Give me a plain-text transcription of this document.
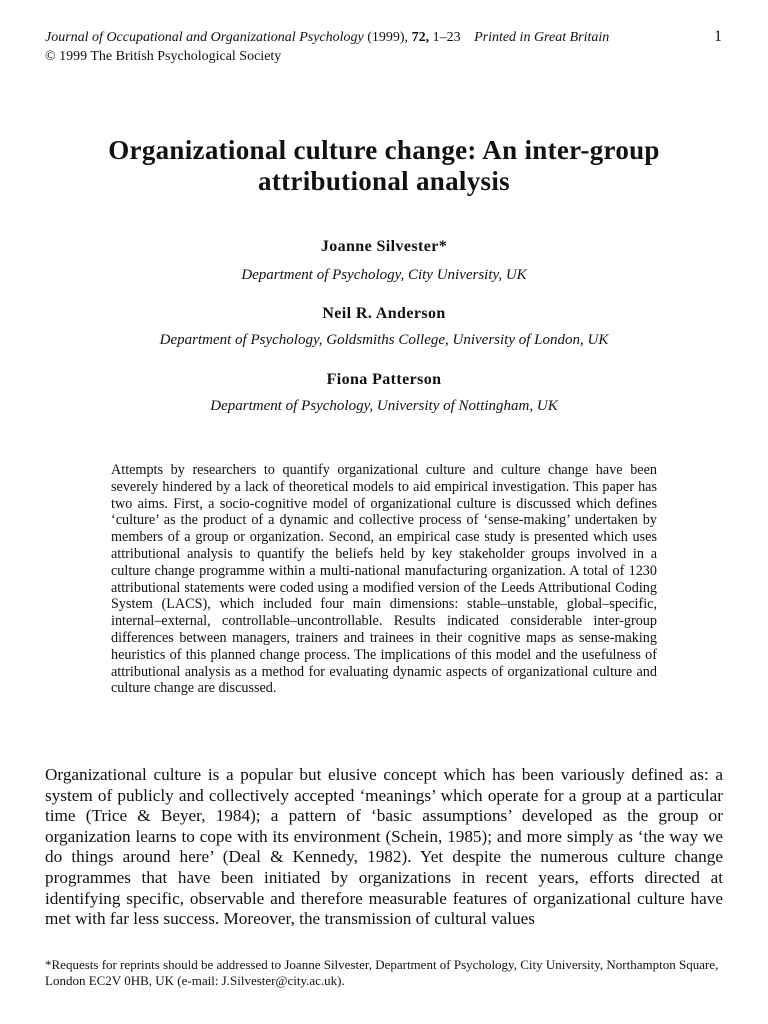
Journal of Occupational and Organizational Psychology (1999), 72, 1–23 Printed in Great Britain
© 1999 The British Psychological Society
1
Organizational culture change: An inter-group attributional analysis
Joanne Silvester*
Department of Psychology, City University, UK
Neil R. Anderson
Department of Psychology, Goldsmiths College, University of London, UK
Fiona Patterson
Department of Psychology, University of Nottingham, UK
Attempts by researchers to quantify organizational culture and culture change have been severely hindered by a lack of theoretical models to aid empirical investigation. This paper has two aims. First, a socio-cognitive model of organizational culture is discussed which defines ‘culture’ as the product of a dynamic and collective process of ‘sense-making’ undertaken by members of a group or organization. Second, an empirical case study is presented which uses attributional analysis to quantify the beliefs held by key stakeholder groups involved in a culture change programme within a multi-national manufacturing organization. A total of 1230 attributional statements were coded using a modified version of the Leeds Attributional Coding System (LACS), which included four main dimensions: stable–unstable, global–specific, internal–external, controllable–uncontrollable. Results indicated considerable inter-group differences between managers, trainers and trainees in their cognitive maps as sense-making heuristics of this planned change process. The implications of this model and the usefulness of attributional analysis as a method for evaluating dynamic aspects of organizational culture and culture change are discussed.
Organizational culture is a popular but elusive concept which has been variously defined as: a system of publicly and collectively accepted ‘meanings’ which operate for a group at a particular time (Trice & Beyer, 1984); a pattern of ‘basic assumptions’ developed as the group or organization learns to cope with its environment (Schein, 1985); and more simply as ‘the way we do things around here’ (Deal & Kennedy, 1982). Yet despite the numerous culture change programmes that have been initiated by organizations in recent years, efforts directed at identifying specific, observable and therefore measurable features of organizational culture have met with far less success. Moreover, the transmission of cultural values
*Requests for reprints should be addressed to Joanne Silvester, Department of Psychology, City University, Northampton Square, London EC2V 0HB, UK (e-mail: J.Silvester@city.ac.uk).
